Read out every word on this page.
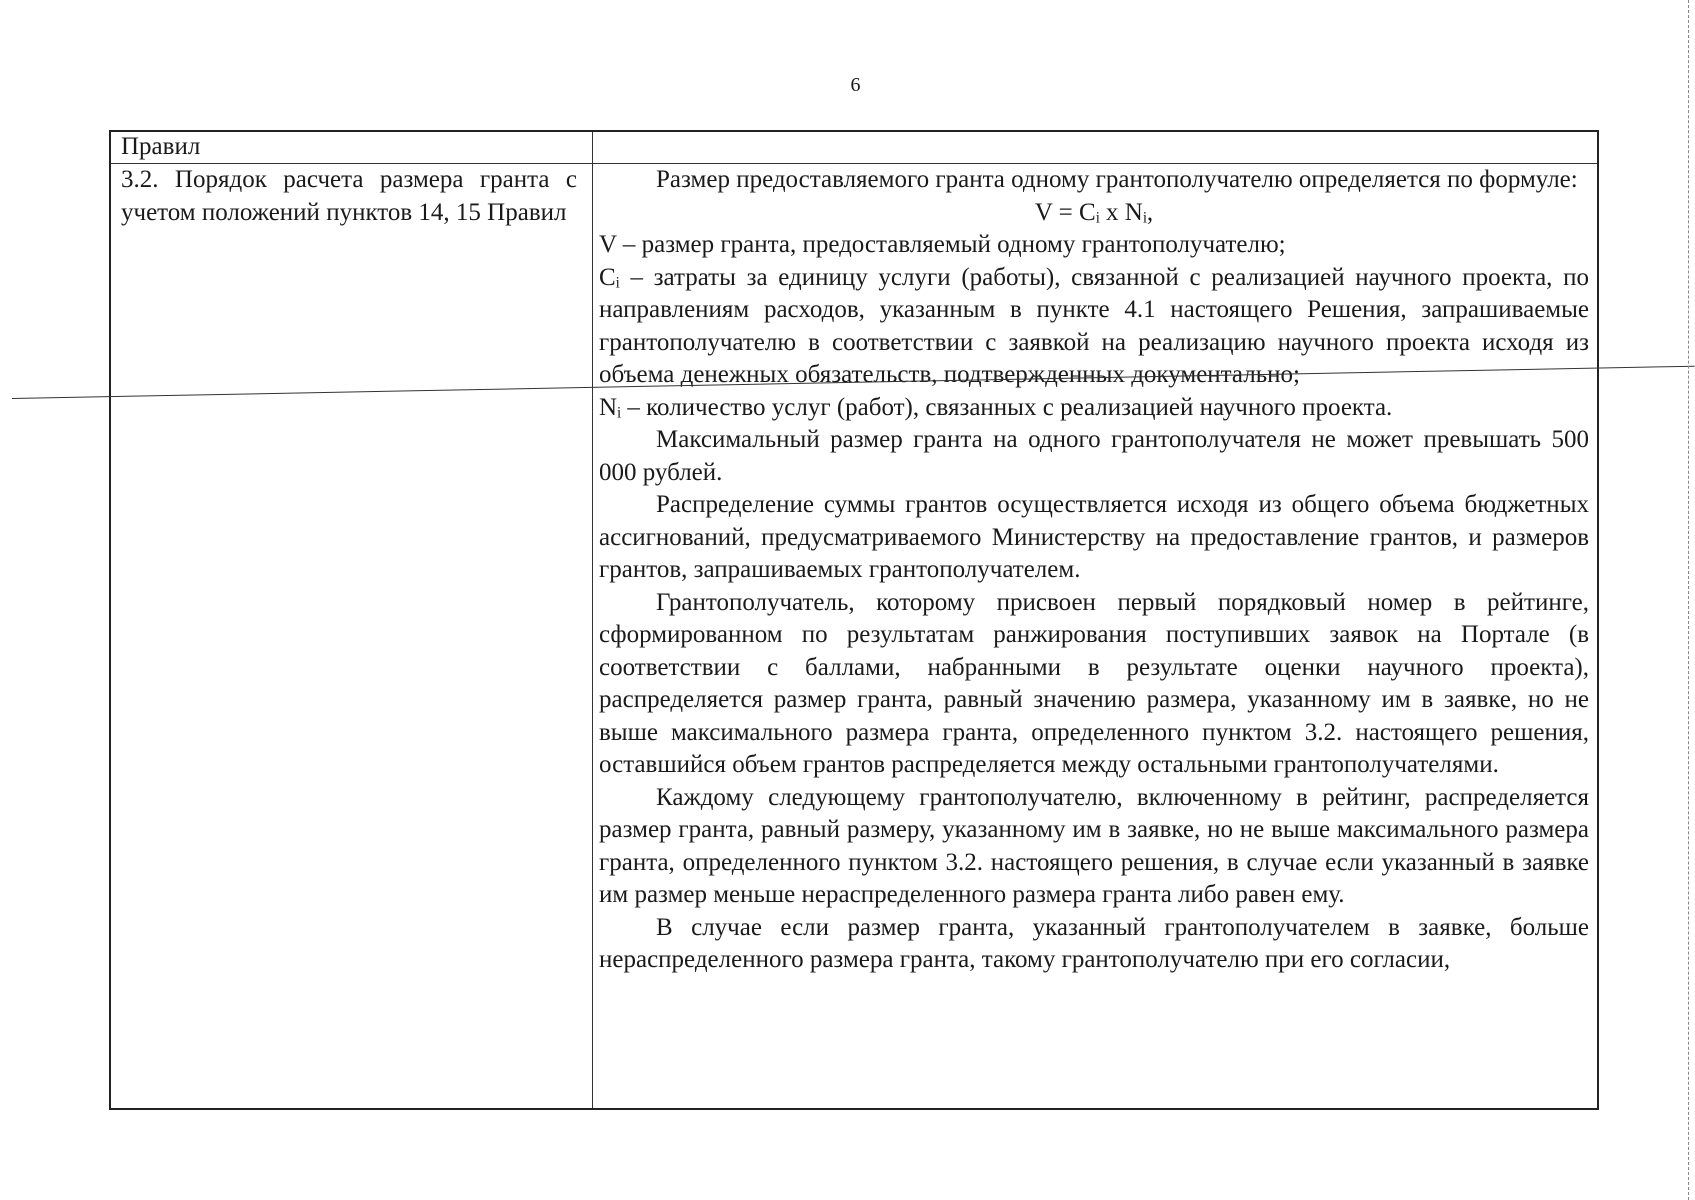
6
Правил
3.2. Порядок расчета размера гранта с учетом положений пунктов 14, 15 Правил

Размер предоставляемого гранта одному грантополучателю определяется по формуле:

V = Cᵢ x Nᵢ,

V – размер гранта, предоставляемый одному грантополучателю;

Cᵢ – затраты за единицу услуги (работы), связанной с реализацией научного проекта, по направлениям расходов, указанным в пункте 4.1 настоящего Решения, запрашиваемые грантополучателю в соответствии с заявкой на реализацию научного проекта исходя из объема денежных обязательств, подтвержденных документально;

Nᵢ – количество услуг (работ), связанных с реализацией научного проекта.

Максимальный размер гранта на одного грантополучателя не может превышать 500 000 рублей.

Распределение суммы грантов осуществляется исходя из общего объема бюджетных ассигнований, предусматриваемого Министерству на предоставление грантов, и размеров грантов, запрашиваемых грантополучателем.

Грантополучатель, которому присвоен первый порядковый номер в рейтинге, сформированном по результатам ранжирования поступивших заявок на Портале (в соответствии с баллами, набранными в результате оценки научного проекта), распределяется размер гранта, равный значению размера, указанному им в заявке, но не выше максимального размера гранта, определенного пунктом 3.2. настоящего решения, оставшийся объем грантов распределяется между остальными грантополучателями.

Каждому следующему грантополучателю, включенному в рейтинг, распределяется размер гранта, равный размеру, указанному им в заявке, но не выше максимального размера гранта, определенного пунктом 3.2. настоящего решения, в случае если указанный в заявке им размер меньше нераспределенного размера гранта либо равен ему.

В случае если размер гранта, указанный грантополучателем в заявке, больше нераспределенного размера гранта, такому грантополучателю при его согласии,
